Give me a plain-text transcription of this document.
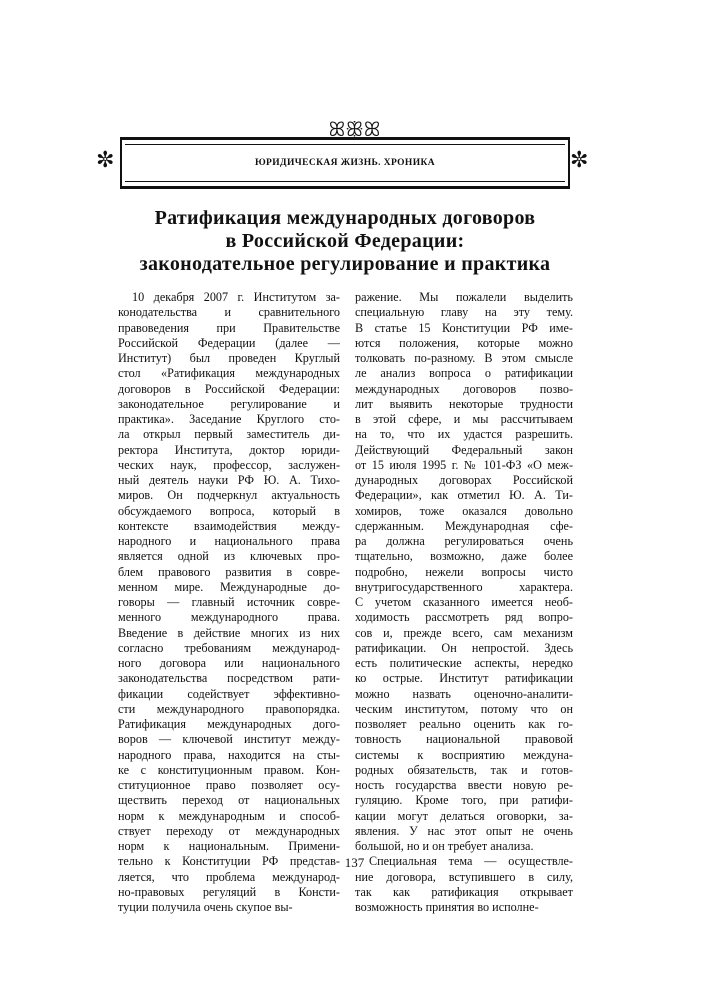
ꕤꕥꕤ
✼	✼
ЮРИДИЧЕСКАЯ ЖИЗНЬ. ХРОНИКА
Ратификация международных договоров
в Российской Федерации:
законодательное регулирование и практика
10 декабря 2007 г. Институтом за-
конодательства и сравнительного
правоведения при Правительстве
Российской Федерации (далее —
Институт) был проведен Круглый
стол «Ратификация международных
договоров в Российской Федерации:
законодательное регулирование и
практика». Заседание Круглого сто-
ла открыл первый заместитель ди-
ректора Института, доктор юриди-
ческих наук, профессор, заслужен-
ный деятель науки РФ Ю. А. Тихо-
миров. Он подчеркнул актуальность
обсуждаемого вопроса, который в
контексте взаимодействия между-
народного и национального права
является одной из ключевых про-
блем правового развития в совре-
менном мире. Международные до-
говоры — главный источник совре-
менного международного права.
Введение в действие многих из них
согласно требованиям международ-
ного договора или национального
законодательства посредством рати-
фикации содействует эффективно-
сти международного правопорядка.
Ратификация международных дого-
воров — ключевой институт между-
народного права, находится на сты-
ке с конституционным правом. Кон-
ституционное право позволяет осу-
ществить переход от национальных
норм к международным и способ-
ствует переходу от международных
норм к национальным. Примени-
тельно к Конституции РФ представ-
ляется, что проблема международ-
но-правовых регуляций в Консти-
туции получила очень скупое вы-
ражение. Мы пожалели выделить
специальную главу на эту тему.
В статье 15 Конституции РФ име-
ются положения, которые можно
толковать по-разному. В этом смысле
ле анализ вопроса о ратификации
международных договоров позво-
лит выявить некоторые трудности
в этой сфере, и мы рассчитываем
на то, что их удастся разрешить.
Действующий Федеральный закон
от 15 июля 1995 г. № 101-ФЗ «О меж-
дународных договорах Российской
Федерации», как отметил Ю. А. Ти-
хомиров, тоже оказался довольно
сдержанным. Международная сфе-
ра должна регулироваться очень
тщательно, возможно, даже более
подробно, нежели вопросы чисто
внутригосударственного характера.
С учетом сказанного имеется необ-
ходимость рассмотреть ряд вопро-
сов и, прежде всего, сам механизм
ратификации. Он непростой. Здесь
есть политические аспекты, нередко
ко острые. Институт ратификации
можно назвать оценочно-аналити-
ческим институтом, потому что он
позволяет реально оценить как го-
товность национальной правовой
системы к восприятию междуна-
родных обязательств, так и готов-
ность государства ввести новую ре-
гуляцию. Кроме того, при ратифи-
кации могут делаться оговорки, за-
явления. У нас этот опыт не очень
большой, но и он требует анализа.
Специальная тема — осуществле-
ние договора, вступившего в силу,
так как ратификация открывает
возможность принятия во исполне-
137
